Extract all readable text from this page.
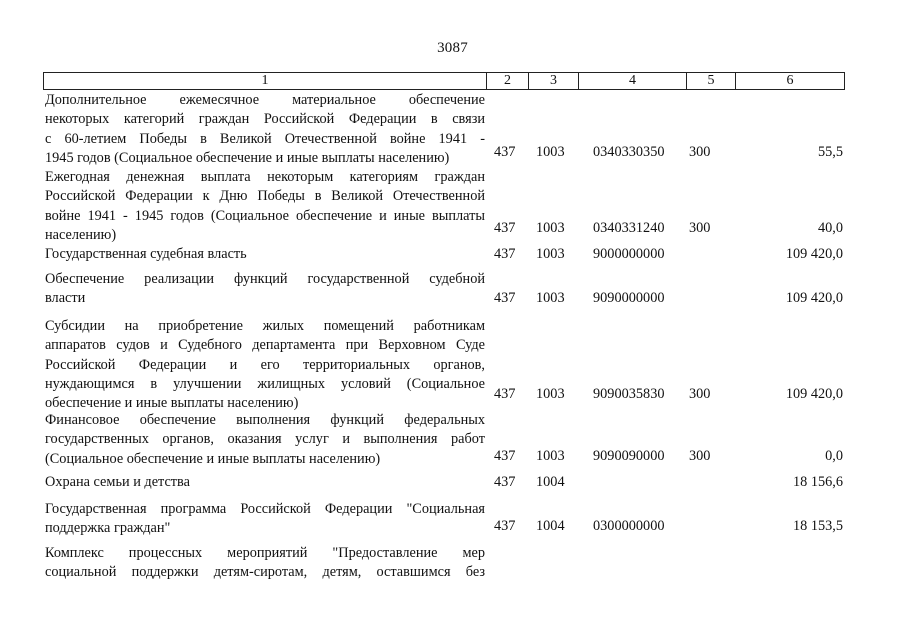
3087
1	2	3	4	5	6
Дополнительное ежемесячное материальное обеспечение
некоторых категорий граждан Российской Федерации в связи
с 60-летием Победы в Великой Отечественной войне 1941 -
1945 годов (Социальное обеспечение и иные выплаты населению)	437 1003 0340330350 300	55,5
Ежегодная денежная выплата некоторым категориям граждан
Российской Федерации к Дню Победы в Великой Отечественной
войне 1941 - 1945 годов (Социальное обеспечение и иные выплаты
населению)	437 1003 0340331240 300	40,0
Государственная судебная власть	437 1003 9000000000	109 420,0
Обеспечение реализации функций государственной судебной
власти	437 1003 9090000000	109 420,0
Субсидии на приобретение жилых помещений работникам
аппаратов судов и Судебного департамента при Верховном Суде
Российской Федерации и его территориальных органов,
нуждающимся в улучшении жилищных условий (Социальное
обеспечение и иные выплаты населению)
437 1003 9090035830 300	109 420,0
Финансовое обеспечение выполнения функций федеральных
государственных органов, оказания услуг и выполнения работ
(Социальное обеспечение и иные выплаты населению)	437 1003 9090090000 300	0,0
Охрана семьи и детства	437 1004	18 156,6
Государственная программа Российской Федерации "Социальная
поддержка граждан"	437 1004 0300000000	18 153,5
Комплекс процессных мероприятий "Предоставление мер
социальной поддержки детям-сиротам, детям, оставшимся без
